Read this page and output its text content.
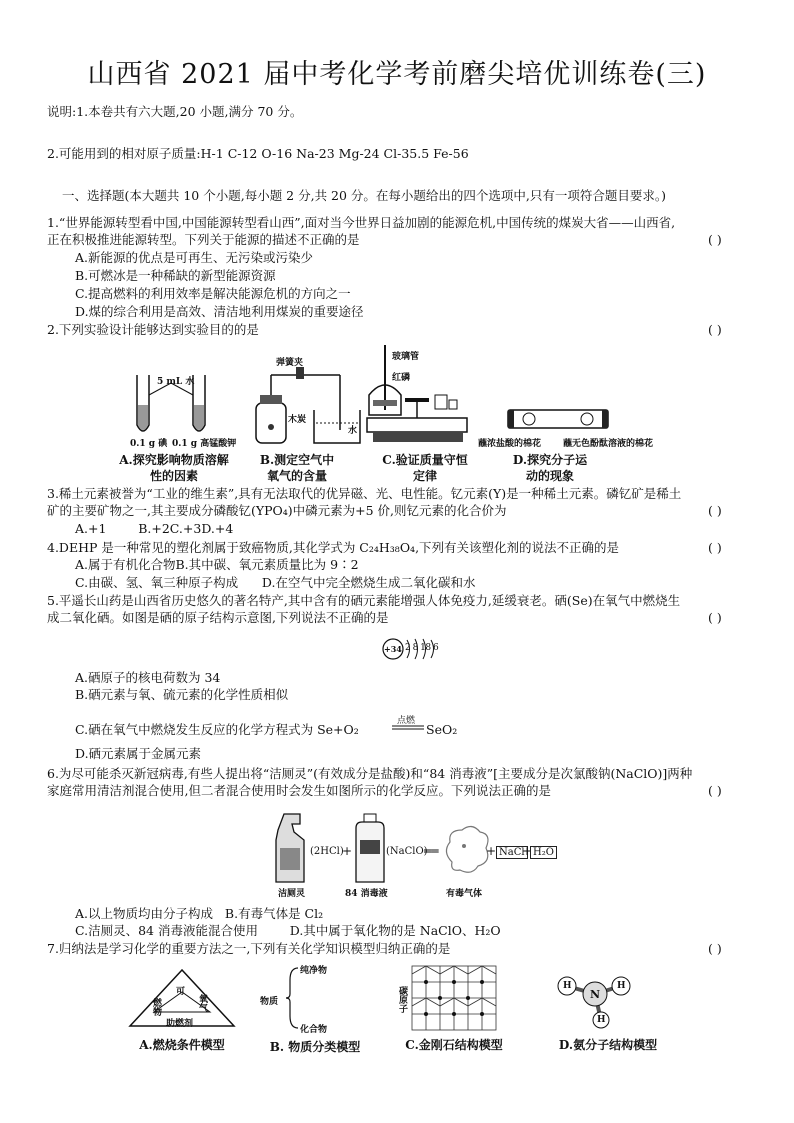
山西省 2021 届中考化学考前磨尖培优训练卷(三)
说明:1.本卷共有六大题,20 小题,满分 70 分。
2.可能用到的相对原子质量:H-1 C-12 O-16 Na-23 Mg-24 Cl-35.5 Fe-56
一、选择题(本大题共 10 个小题,每小题 2 分,共 20 分。在每小题给出的四个选项中,只有一项符合题目要求。)
1.“世界能源转型看中国,中国能源转型看山西”,面对当今世界日益加剧的能源危机,中国传统的煤炭大省——山西省,
正在积极推进能源转型。下列关于能源的描述不正确的是	( )
A.新能源的优点是可再生、无污染或污染少
B.可燃冰是一种稀缺的新型能源资源
C.提高燃料的利用效率是解决能源危机的方向之一
D.煤的综合利用是高效、清洁地利用煤炭的重要途径
2.下列实验设计能够达到实验目的的是	( )
5 mL 水
0.1 g 碘 0.1 g 高锰酸钾
A.探究影响物质溶解性的因素
弹簧夹
木炭
水
B.测定空气中氧气的含量
玻璃管
红磷
C.验证质量守恒定律
蘸浓盐酸的棉花 蘸无色酚酞溶液的棉花
D.探究分子运动的现象
3.稀土元素被誉为“工业的维生素”,具有无法取代的优异磁、光、电性能。钇元素(Y)是一种稀土元素。磷钇矿是稀土
矿的主要矿物之一,其主要成分磷酸钇(YPO₄)中磷元素为+5 价,则钇元素的化合价为	( )
A.+1        B.+2C.+3D.+4
4.DEHP 是一种常见的塑化剂属于致癌物质,其化学式为 C₂₄H₃₈O₄,下列有关该塑化剂的说法不正确的是	( )
A.属于有机化合物B.其中碳、氧元素质量比为 9∶2
C.由碳、氢、氧三种原子构成      D.在空气中完全燃烧生成二氧化碳和水
5.平遥长山药是山西省历史悠久的著名特产,其中含有的硒元素能增强人体免疫力,延缓衰老。硒(Se)在氧气中燃烧生
成二氧化硒。如图是硒的原子结构示意图,下列说法不正确的是	( )
+34 2 8 18 6
A.硒原子的核电荷数为 34
B.硒元素与氧、硫元素的化学性质相似
C.硒在氧气中燃烧发生反应的化学方程式为 Se+O₂
点燃
SeO₂
D.硒元素属于金属元素
6.为尽可能杀灭新冠病毒,有些人提出将“洁厕灵”(有效成分是盐酸)和“84 消毒液”[主要成分是次氯酸钠(NaClO)]两种
家庭常用清洁剂混合使用,但二者混合使用时会发生如图所示的化学反应。下列说法正确的是	( )
(2HCl)
+	(NaClO)
══	+ NaCl
+ H₂O
洁厕灵	84 消毒液	有毒气体
A.以上物质均由分子构成   B.有毒气体是 Cl₂
C.洁厕灵、84 消毒液能混合使用        D.其中属于氧化物的是 NaClO、H₂O
7.归纳法是学习化学的重要方法之一,下列有关化学知识模型归纳正确的是	( )
可
燃物	氧气
助燃剂
A.燃烧条件模型
物质
纯净物
化合物
B. 物质分类模型
碳原子
C.金刚石结构模型
H
N
H
H
D.氨分子结构模型
